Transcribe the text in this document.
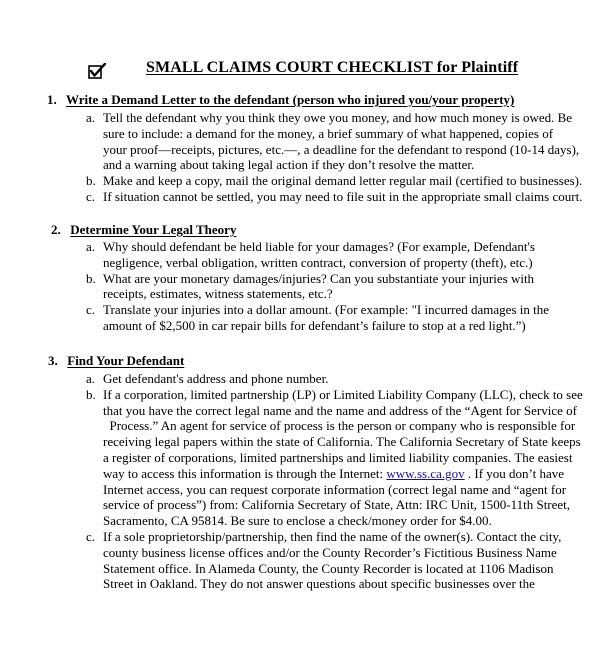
SMALL CLAIMS COURT CHECKLIST for Plaintiff
1. Write a Demand Letter to the defendant (person who injured you/your property)
a. Tell the defendant why you think they owe you money, and how much money is owed. Be
sure to include: a demand for the money, a brief summary of what happened, copies of
your proof—receipts, pictures, etc.—, a deadline for the defendant to respond (10-14 days),
and a warning about taking legal action if they don’t resolve the matter.
b. Make and keep a copy, mail the original demand letter regular mail (certified to businesses).
c. If situation cannot be settled, you may need to file suit in the appropriate small claims court.
2. Determine Your Legal Theory
a. Why should defendant be held liable for your damages? (For example, Defendant's
negligence, verbal obligation, written contract, conversion of property (theft), etc.)
b. What are your monetary damages/injuries? Can you substantiate your injuries with
receipts, estimates, witness statements, etc.?
c. Translate your injuries into a dollar amount. (For example: "I incurred damages in the
amount of $2,500 in car repair bills for defendant’s failure to stop at a red light.”)
3. Find Your Defendant
a. Get defendant's address and phone number.
b. If a corporation, limited partnership (LP) or Limited Liability Company (LLC), check to see
that you have the correct legal name and the name and address of the “Agent for Service of
Process.” An agent for service of process is the person or company who is responsible for
receiving legal papers within the state of California. The California Secretary of State keeps
a register of corporations, limited partnerships and limited liability companies. The easiest
way to access this information is through the Internet: www.ss.ca.gov . If you don’t have
Internet access, you can request corporate information (correct legal name and “agent for
service of process”) from: California Secretary of State, Attn: IRC Unit, 1500-11th Street,
Sacramento, CA 95814. Be sure to enclose a check/money order for $4.00.
c. If a sole proprietorship/partnership, then find the name of the owner(s). Contact the city,
county business license offices and/or the County Recorder’s Fictitious Business Name
Statement office. In Alameda County, the County Recorder is located at 1106 Madison
Street in Oakland. They do not answer questions about specific businesses over the
